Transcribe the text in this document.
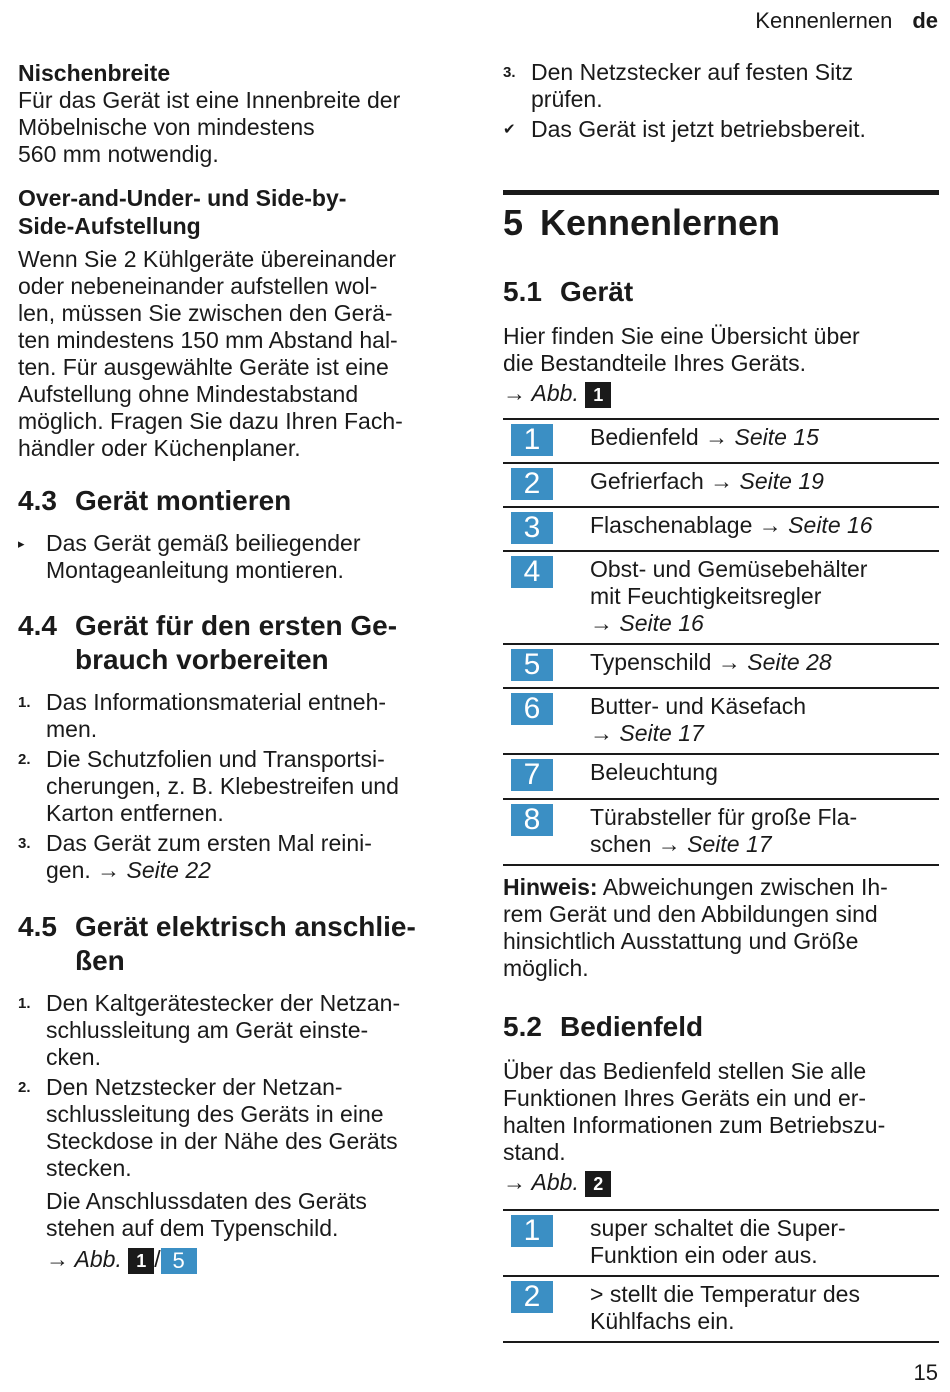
Kennenlernen de
Nischenbreite

Für das Gerät ist eine Innenbreite der

Möbelnische von mindestens

560 mm notwendig.

Over-and-Under- und Side-by-
Side-Aufstellung

Wenn Sie 2 Kühlgeräte übereinander

oder nebeneinander aufstellen wol-

len, müssen Sie zwischen den Gerä-

ten mindestens 150 mm Abstand hal-

ten. Für ausgewählte Geräte ist eine

Aufstellung ohne Mindestabstand

möglich. Fragen Sie dazu Ihren Fach-

händler oder Küchenplaner.

4.3 Gerät montieren
▸ Das Gerät gemäß beiliegender
Montageanleitung montieren.
4.4 Gerät für den ersten Ge-
brauch vorbereiten
1. Das Informationsmaterial entneh-
men.
2. Die Schutzfolien und Transportsi-
cherungen, z. B. Klebestreifen und
Karton entfernen.
3. Das Gerät zum ersten Mal reini-
gen. → Seite 22
4.5 Gerät elektrisch anschlie-
ßen
1. Den Kaltgerätestecker der Netzan-
schlussleitung am Gerät einste-
cken.
2. Den Netzstecker der Netzan-
schlussleitung des Geräts in eine
Steckdose in der Nähe des Geräts
stecken.

Die Anschlussdaten des Geräts

stehen auf dem Typenschild.

→ Abb. 1 / 5

3. Den Netzstecker auf festen Sitz
prüfen.
✔ Das Gerät ist jetzt betriebsbereit.
5 Kennenlernen
5.1 Gerät

Hier finden Sie eine Übersicht über

die Bestandteile Ihres Geräts.

→ Abb. 1

1	Bedienfeld → Seite 15

2	Gefrierfach → Seite 19

3	Flaschenablage → Seite 16

4	Obst- und Gemüsebehälter
mit Feuchtigkeitsregler
→ Seite 16

5	Typenschild → Seite 28

6	Butter- und Käsefach
→ Seite 17

7	Beleuchtung

8	Türabsteller für große Fla-
schen → Seite 17

Hinweis: Abweichungen zwischen Ih-

rem Gerät und den Abbildungen sind

hinsichtlich Ausstattung und Größe

möglich.

5.2 Bedienfeld

Über das Bedienfeld stellen Sie alle

Funktionen Ihres Geräts ein und er-

halten Informationen zum Betriebszu-

stand.

→ Abb. 2

1	super schaltet die Super-
Funktion ein oder aus.

2	> stellt die Temperatur des
Kühlfachs ein.
15
